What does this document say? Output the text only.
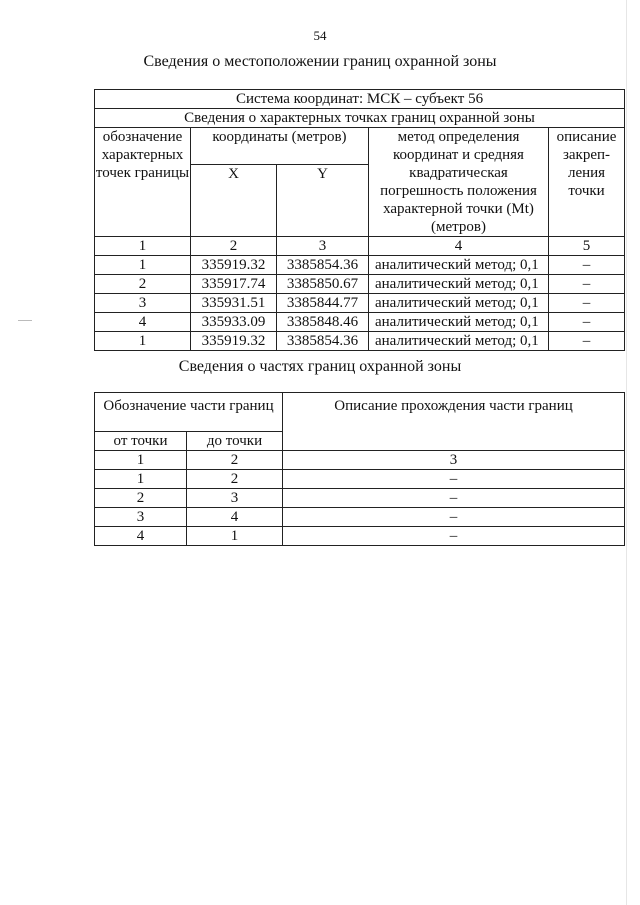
54
Сведения о местоположении границ охранной зоны
Система координат: МСК – субъект 56				
Сведения о характерных точках границ охранной зоны				
обозначение характерных точек границы	координаты (метров)		метод определения координат и средняя квадратическая погрешность положения характерной точки (Mt) (метров)	описание закреп-ления точки
	X	Y		
1	2	3	4	5
1	335919.32	3385854.36	аналитический метод; 0,1	–
2	335917.74	3385850.67	аналитический метод; 0,1	–
3	335931.51	3385844.77	аналитический метод; 0,1	–
4	335933.09	3385848.46	аналитический метод; 0,1	–
1	335919.32	3385854.36	аналитический метод; 0,1	–
Сведения о частях границ охранной зоны
Обозначение части границ		Описание прохождения части границ
от точки	до точки	
1	2	3
1	2	–
2	3	–
3	4	–
4	1	–
